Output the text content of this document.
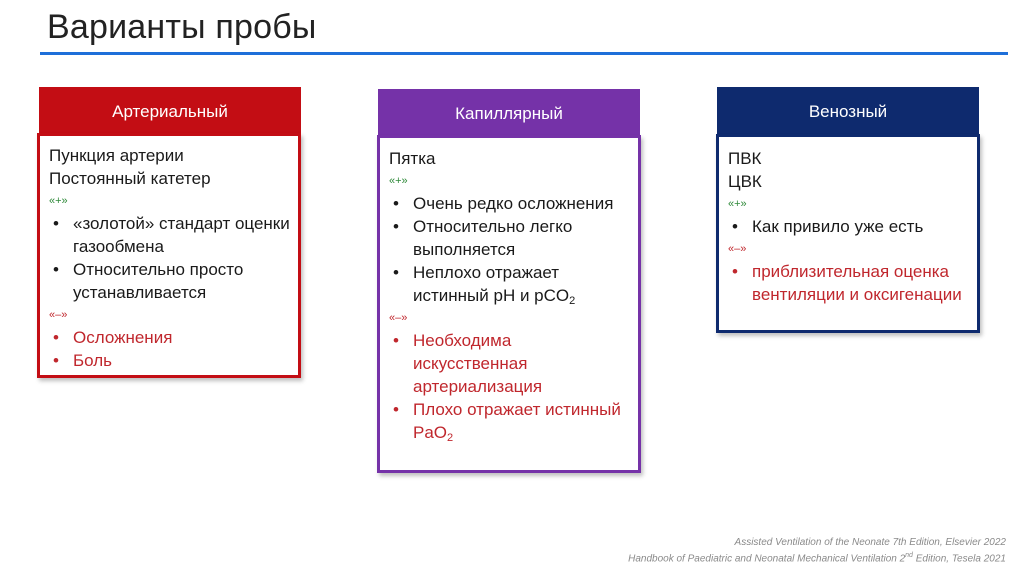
Варианты пробы
Артериальный

Пункция артерии

Постоянный катетер

«+»
• «золотой» стандарт оценки газообмена
• Относительно просто устанавливается
«–»
• Осложнения
• Боль
Капиллярный

Пятка

«+»
• Очень редко осложнения
• Относительно легко выполняется
• Неплохо отражает истинный pH и pCO$_2$
«–»
• Необходима искусственная артериализация
• Плохо отражает истинный PaO$_2$
Венозный

ПВК

ЦВК

«+»
• Как привило уже есть
«–»
• приблизительная оценка вентиляции и оксигенации
Assisted Ventilation of the Neonate 7th Edition, Elsevier 2022
Handbook of Paediatric and Neonatal Mechanical Ventilation 2nd Edition, Tesela 2021
